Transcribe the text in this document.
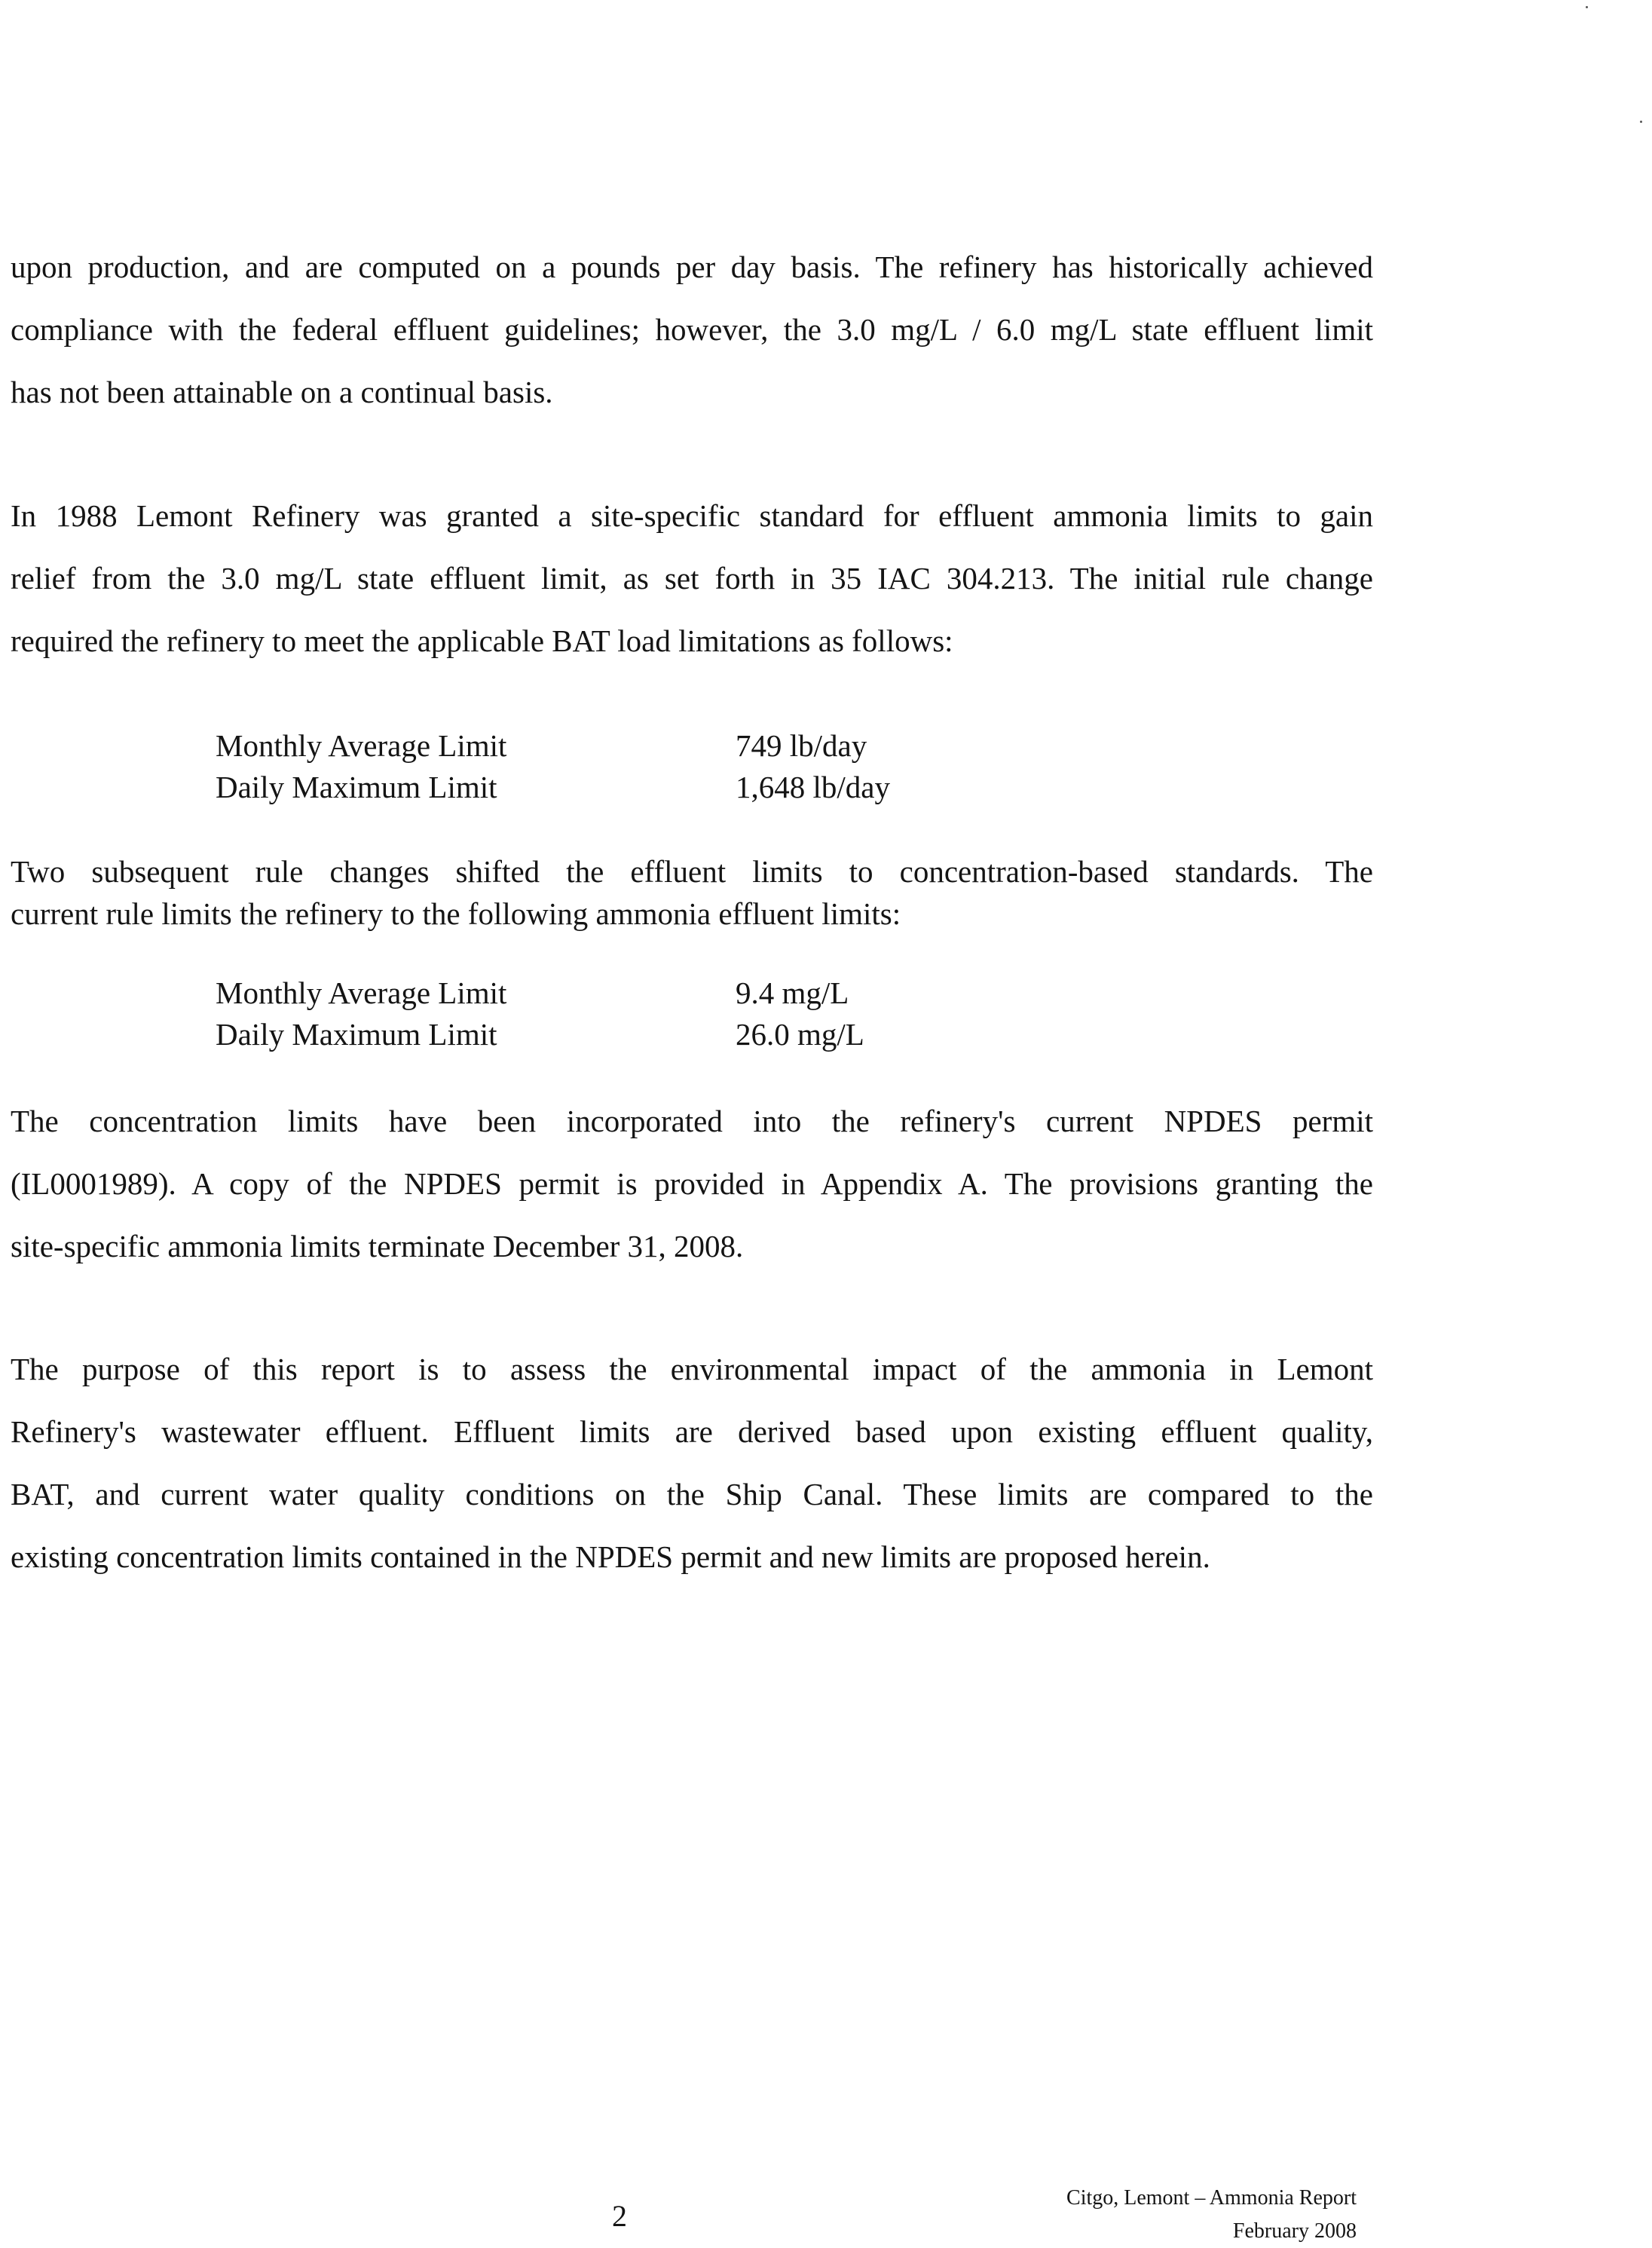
upon production, and are computed on a pounds per day basis. The refinery has historically achieved
compliance with the federal effluent guidelines; however, the 3.0 mg/L / 6.0 mg/L state effluent limit
has not been attainable on a continual basis.
In 1988 Lemont Refinery was granted a site-specific standard for effluent ammonia limits to gain
relief from the 3.0 mg/L state effluent limit, as set forth in 35 IAC 304.213. The initial rule change
required the refinery to meet the applicable BAT load limitations as follows:
Monthly Average Limit	749 lb/day
Daily Maximum Limit	1,648 lb/day
Two subsequent rule changes shifted the effluent limits to concentration-based standards. The
current rule limits the refinery to the following ammonia effluent limits:
Monthly Average Limit	9.4 mg/L
Daily Maximum Limit	26.0 mg/L
The concentration limits have been incorporated into the refinery's current NPDES permit
(IL0001989). A copy of the NPDES permit is provided in Appendix A. The provisions granting the
site-specific ammonia limits terminate December 31, 2008.
The purpose of this report is to assess the environmental impact of the ammonia in Lemont
Refinery's wastewater effluent. Effluent limits are derived based upon existing effluent quality,
BAT, and current water quality conditions on the Ship Canal. These limits are compared to the
existing concentration limits contained in the NPDES permit and new limits are proposed herein.
2
Citgo, Lemont – Ammonia Report
February 2008
